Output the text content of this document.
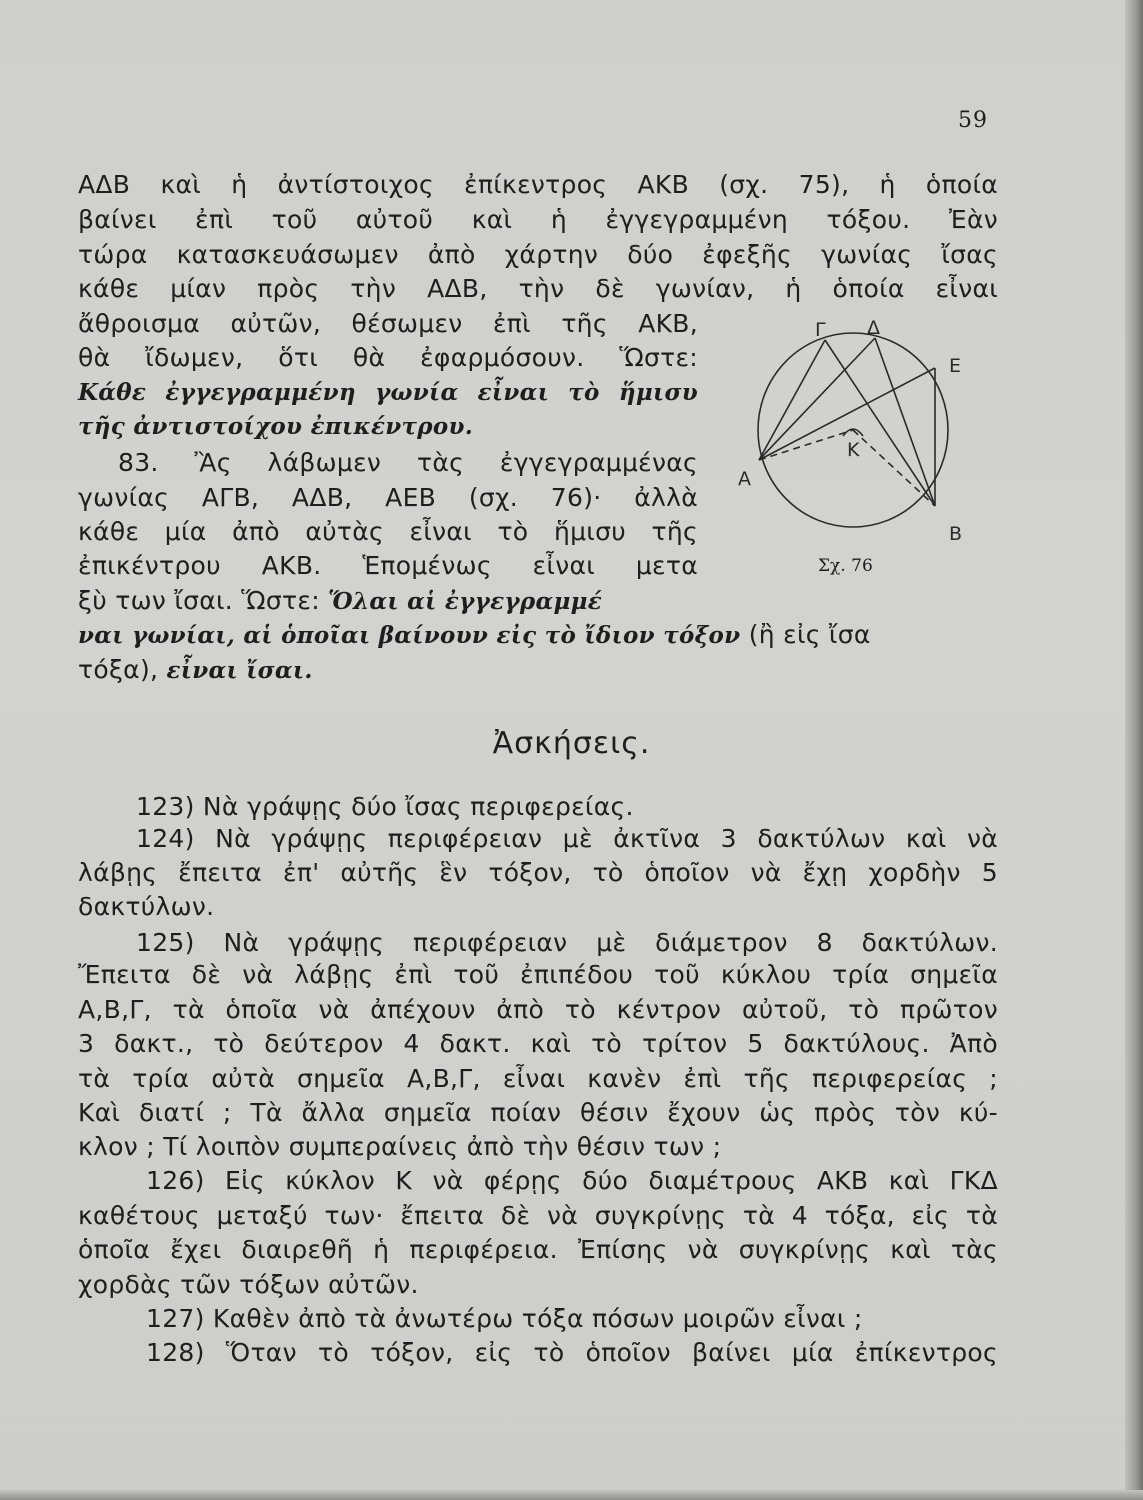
59
ΑΔΒ καὶ ἡ ἀντίστοιχος ἐπίκεντρος ΑΚΒ (σχ. 75), ἡ ὁποία
βαίνει ἐπὶ τοῦ αὐτοῦ καὶ ἡ ἐγγεγραμμένη τόξου. Ἐὰν
τώρα κατασκευάσωμεν ἀπὸ χάρτην δύο ἐφεξῆς γωνίας ἴσας
κάθε μίαν πρὸς τὴν ΑΔΒ, τὴν δὲ γωνίαν, ἡ ὁποία εἶναι
ἄθροισμα αὐτῶν, θέσωμεν ἐπὶ τῆς ΑΚΒ,
θὰ ἴδωμεν, ὅτι θὰ ἐφαρμόσουν. Ὥστε:
Κάθε ἐγγεγραμμένη γωνία εἶναι τὸ ἥμισυ
τῆς ἀντιστοίχου ἐπικέντρου.
83. Ἂς λάβωμεν τὰς ἐγγεγραμμένας
γωνίας ΑΓΒ, ΑΔΒ, ΑΕΒ (σχ. 76)· ἀλλὰ
κάθε μία ἀπὸ αὐτὰς εἶναι τὸ ἥμισυ τῆς
ἐπικέντρου ΑΚΒ. Ἑπομένως εἶναι μετα
ξὺ των ἴσαι. Ὥστε: Ὅλαι αἱ ἐγγεγραμμέ
ναι γωνίαι, αἱ ὁποῖαι βαίνουν εἰς τὸ ἴδιον τόξον (ἢ εἰς ἴσα
τόξα), εἶναι ἴσαι.
Γ Δ
Ε
Α
Κ
Β
Σχ. 76
Ἀσκήσεις.
123) Νὰ γράψῃς δύο ἴσας περιφερείας.
124) Νὰ γράψῃς περιφέρειαν μὲ ἀκτῖνα 3 δακτύλων καὶ νὰ
λάβῃς ἔπειτα ἐπ' αὐτῆς ἓν τόξον, τὸ ὁποῖον νὰ ἔχῃ χορδὴν 5
δακτύλων.
125) Νὰ γράψῃς περιφέρειαν μὲ διάμετρον 8 δακτύλων.
Ἔπειτα δὲ νὰ λάβῃς ἐπὶ τοῦ ἐπιπέδου τοῦ κύκλου τρία σημεῖα
Α,Β,Γ, τὰ ὁποῖα νὰ ἀπέχουν ἀπὸ τὸ κέντρον αὐτοῦ, τὸ πρῶτον
3 δακτ., τὸ δεύτερον 4 δακτ. καὶ τὸ τρίτον 5 δακτύλους. Ἀπὸ
τὰ τρία αὐτὰ σημεῖα Α,Β,Γ, εἶναι κανὲν ἐπὶ τῆς περιφερείας ;
Καὶ διατί ; Τὰ ἄλλα σημεῖα ποίαν θέσιν ἔχουν ὡς πρὸς τὸν κύ-
κλον ; Τί λοιπὸν συμπεραίνεις ἀπὸ τὴν θέσιν των ;
126) Εἰς κύκλον Κ νὰ φέρῃς δύο διαμέτρους ΑΚΒ καὶ ΓΚΔ
καθέτους μεταξύ των· ἔπειτα δὲ νὰ συγκρίνῃς τὰ 4 τόξα, εἰς τὰ
ὁποῖα ἔχει διαιρεθῆ ἡ περιφέρεια. Ἐπίσης νὰ συγκρίνῃς καὶ τὰς
χορδὰς τῶν τόξων αὐτῶν.
127) Καθὲν ἀπὸ τὰ ἀνωτέρω τόξα πόσων μοιρῶν εἶναι ;
128) Ὅταν τὸ τόξον, εἰς τὸ ὁποῖον βαίνει μία ἐπίκεντρος
